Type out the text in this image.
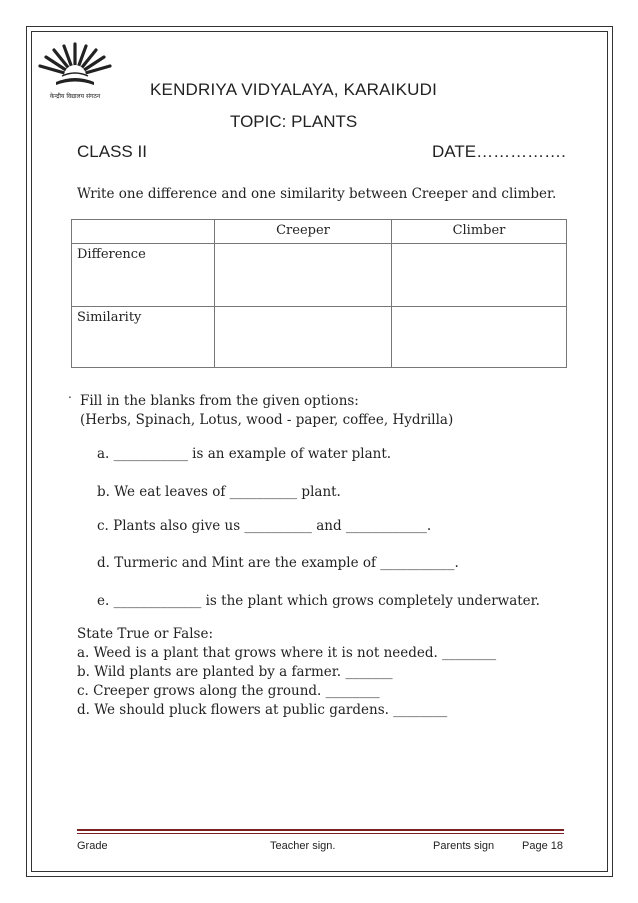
केन्द्रीय विद्यालय संगठन	KENDRIYA VIDYALAYA, KARAIKUDI
TOPIC: PLANTS
CLASS II	DATE…………….
Write one difference and one similarity between Creeper and climber.
	Creeper	Climber
Difference		
Similarity		
. Fill in the blanks from the given options:
(Herbs, Spinach, Lotus, wood - paper, coffee, Hydrilla)
a. ___________ is an example of water plant.
b. We eat leaves of __________ plant.
c. Plants also give us __________ and ____________.
d. Turmeric and Mint are the example of ___________.
e. _____________ is the plant which grows completely underwater.
State True or False:
a. Weed is a plant that grows where it is not needed. ________
b. Wild plants are planted by a farmer. _______
c. Creeper grows along the ground. ________
d. We should pluck flowers at public gardens. ________
Grade	Teacher sign.	Parents sign	Page 18
